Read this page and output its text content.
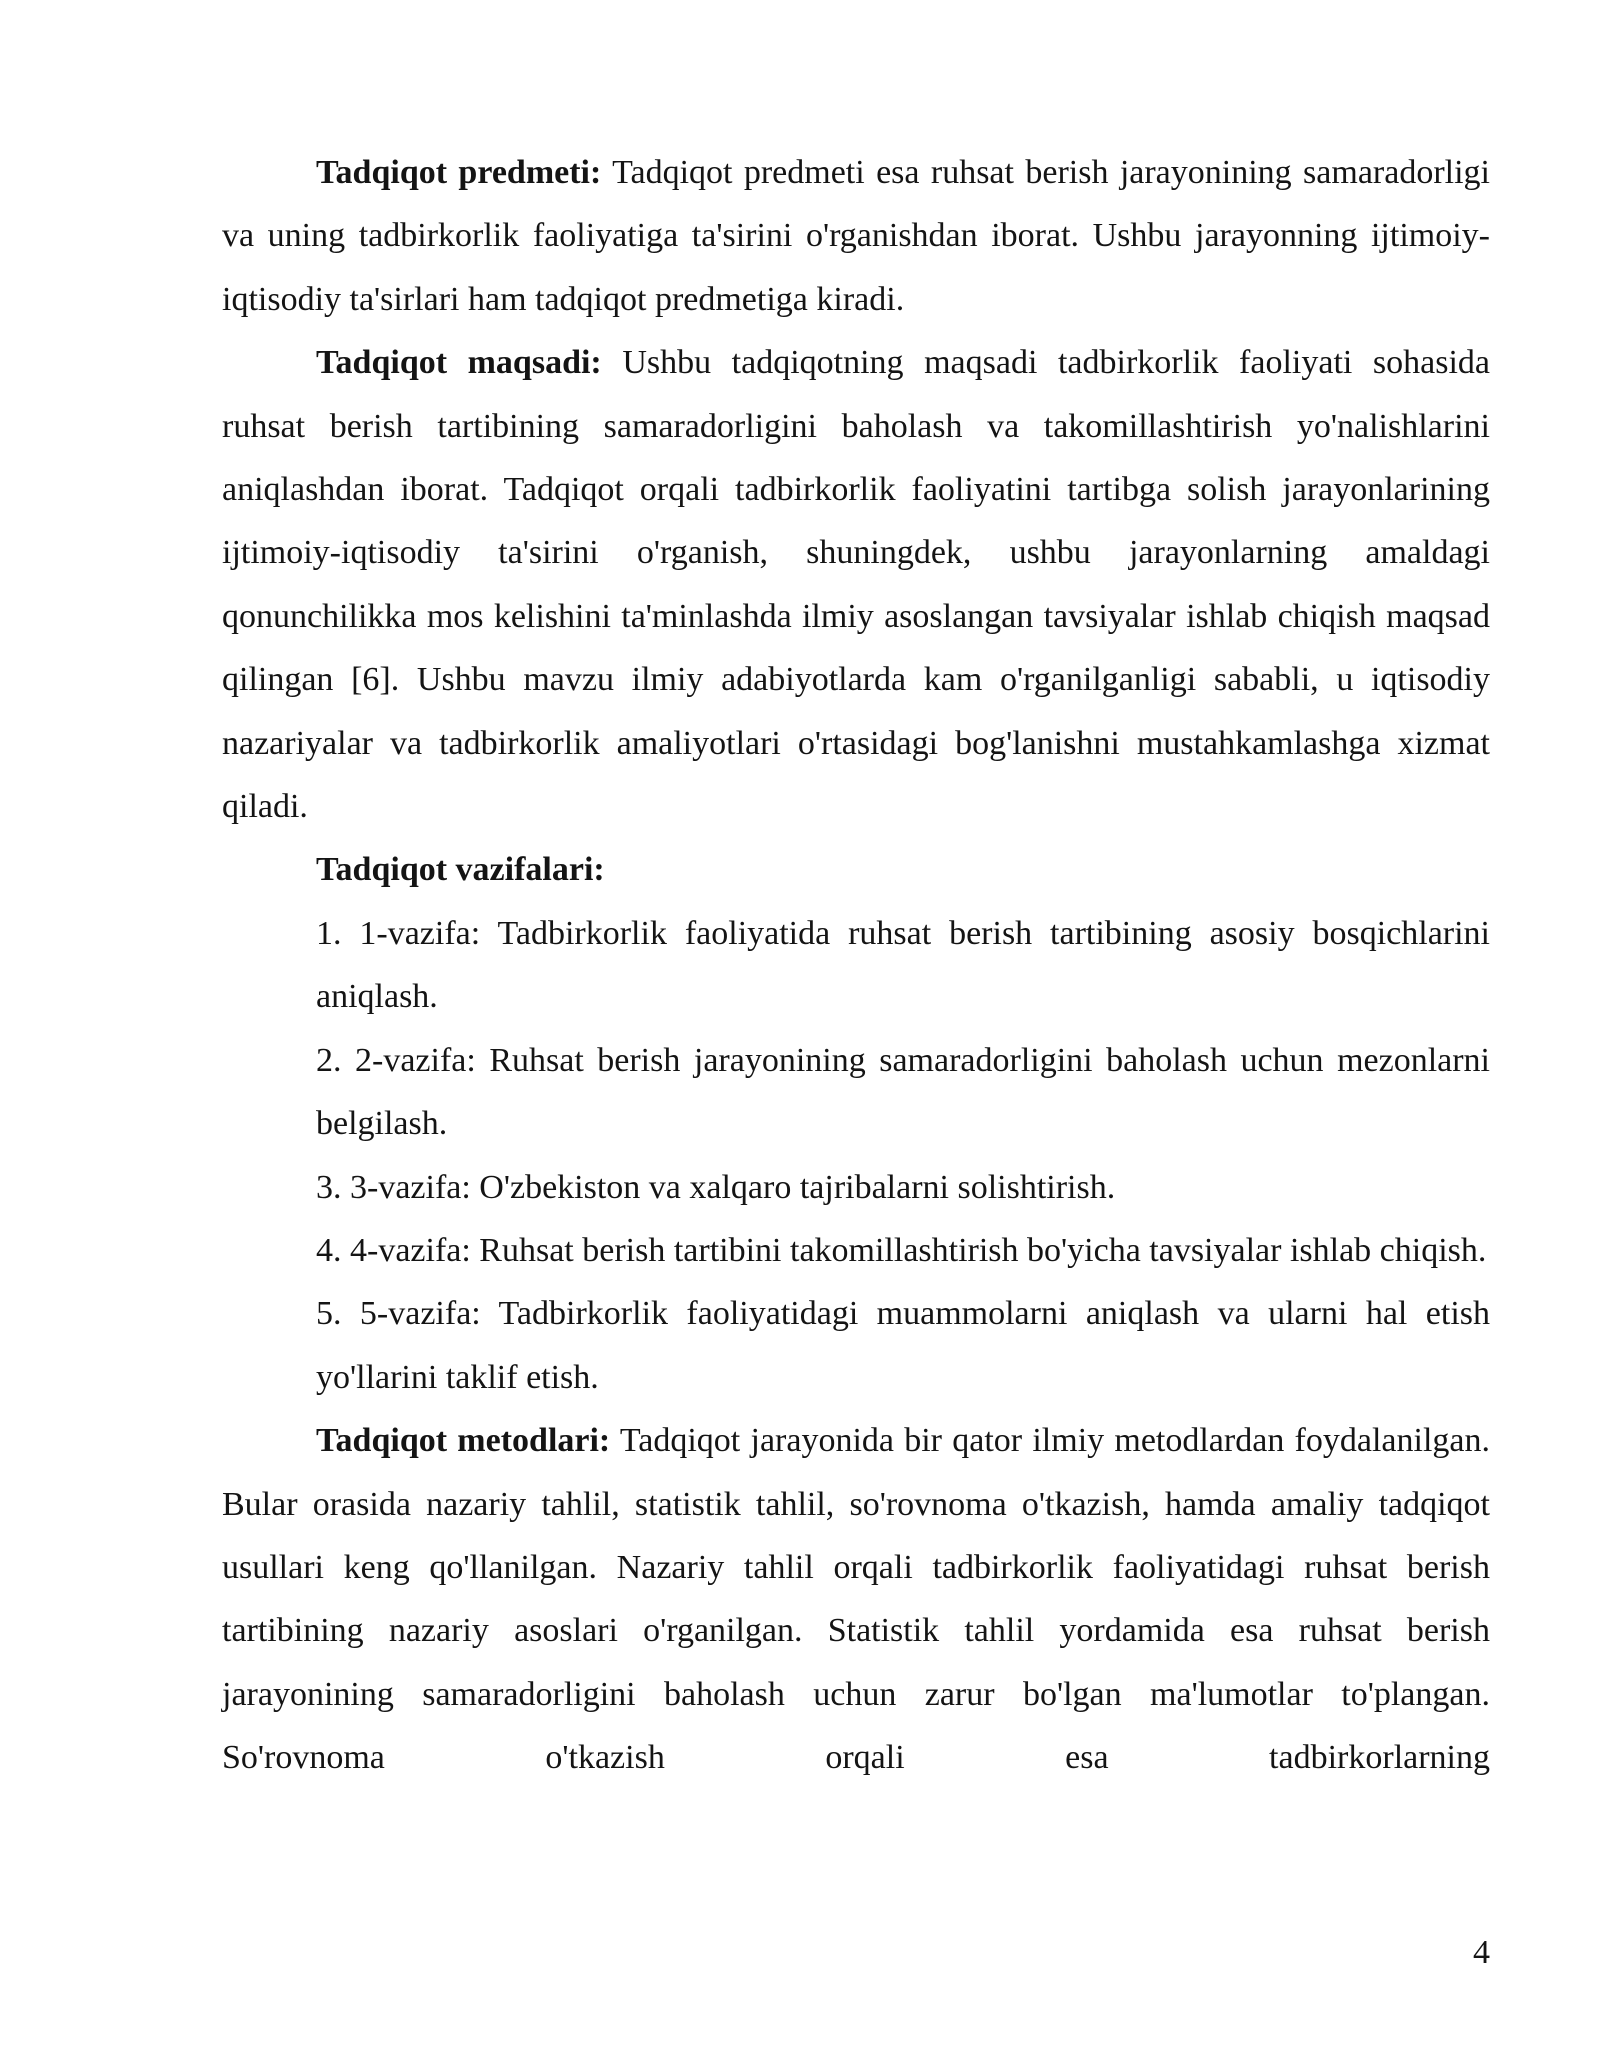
Tadqiqot predmeti: Tadqiqot predmeti esa ruhsat berish jarayonining samaradorligi va uning tadbirkorlik faoliyatiga ta'sirini o'rganishdan iborat. Ushbu jarayonning ijtimoiy-iqtisodiy ta'sirlari ham tadqiqot predmetiga kiradi.

Tadqiqot maqsadi: Ushbu tadqiqotning maqsadi tadbirkorlik faoliyati sohasida ruhsat berish tartibining samaradorligini baholash va takomillashtirish yo'nalishlarini aniqlashdan iborat. Tadqiqot orqali tadbirkorlik faoliyatini tartibga solish jarayonlarining ijtimoiy-iqtisodiy ta'sirini o'rganish, shuningdek, ushbu jarayonlarning amaldagi qonunchilikka mos kelishini ta'minlashda ilmiy asoslangan tavsiyalar ishlab chiqish maqsad qilingan [6]. Ushbu mavzu ilmiy adabiyotlarda kam o'rganilganligi sababli, u iqtisodiy nazariyalar va tadbirkorlik amaliyotlari o'rtasidagi bog'lanishni mustahkamlashga xizmat qiladi.

Tadqiqot vazifalari:

1. 1-vazifa: Tadbirkorlik faoliyatida ruhsat berish tartibining asosiy bosqichlarini aniqlash.

2. 2-vazifa: Ruhsat berish jarayonining samaradorligini baholash uchun mezonlarni belgilash.

3. 3-vazifa: O'zbekiston va xalqaro tajribalarni solishtirish.

4. 4-vazifa: Ruhsat berish tartibini takomillashtirish bo'yicha tavsiyalar ishlab chiqish.

5. 5-vazifa: Tadbirkorlik faoliyatidagi muammolarni aniqlash va ularni hal etish yo'llarini taklif etish.

Tadqiqot metodlari: Tadqiqot jarayonida bir qator ilmiy metodlardan foydalanilgan. Bular orasida nazariy tahlil, statistik tahlil, so'rovnoma o'tkazish, hamda amaliy tadqiqot usullari keng qo'llanilgan. Nazariy tahlil orqali tadbirkorlik faoliyatidagi ruhsat berish tartibining nazariy asoslari o'rganilgan. Statistik tahlil yordamida esa ruhsat berish jarayonining samaradorligini baholash uchun zarur bo'lgan ma'lumotlar to'plangan. So'rovnoma o'tkazish orqali esa tadbirkorlarning

4
